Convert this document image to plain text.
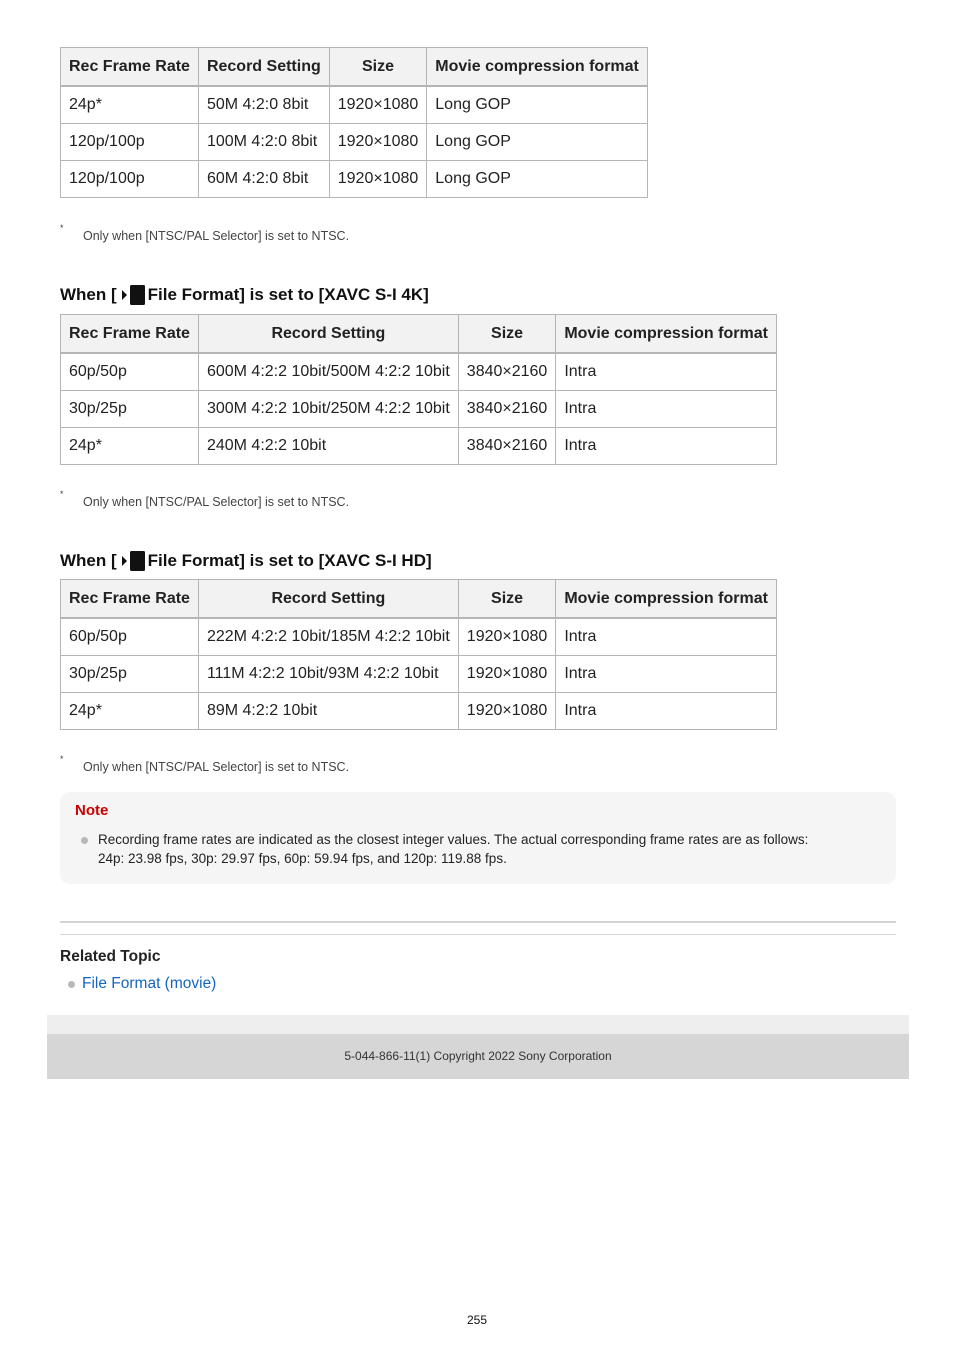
Rec Frame Rate	Record Setting	Size	Movie compression format
24p*	50M 4:2:0 8bit	1920×1080	Long GOP
120p/100p	100M 4:2:0 8bit	1920×1080	Long GOP
120p/100p	60M 4:2:0 8bit	1920×1080	Long GOP
*
Only when [NTSC/PAL Selector] is set to NTSC.
When [ File Format] is set to [XAVC S-I 4K]
Rec Frame Rate	Record Setting	Size	Movie compression format
60p/50p	600M 4:2:2 10bit/500M 4:2:2 10bit	3840×2160	Intra
30p/25p	300M 4:2:2 10bit/250M 4:2:2 10bit	3840×2160	Intra
24p*	240M 4:2:2 10bit	3840×2160	Intra
*
Only when [NTSC/PAL Selector] is set to NTSC.
When [ File Format] is set to [XAVC S-I HD]
Rec Frame Rate	Record Setting	Size	Movie compression format
60p/50p	222M 4:2:2 10bit/185M 4:2:2 10bit	1920×1080	Intra
30p/25p	111M 4:2:2 10bit/93M 4:2:2 10bit	1920×1080	Intra
24p*	89M 4:2:2 10bit	1920×1080	Intra
*
Only when [NTSC/PAL Selector] is set to NTSC.
Note
Recording frame rates are indicated as the closest integer values. The actual corresponding frame rates are as follows:
24p: 23.98 fps, 30p: 29.97 fps, 60p: 59.94 fps, and 120p: 119.88 fps.
Related Topic
File Format (movie)
5-044-866-11(1) Copyright 2022 Sony Corporation
255
